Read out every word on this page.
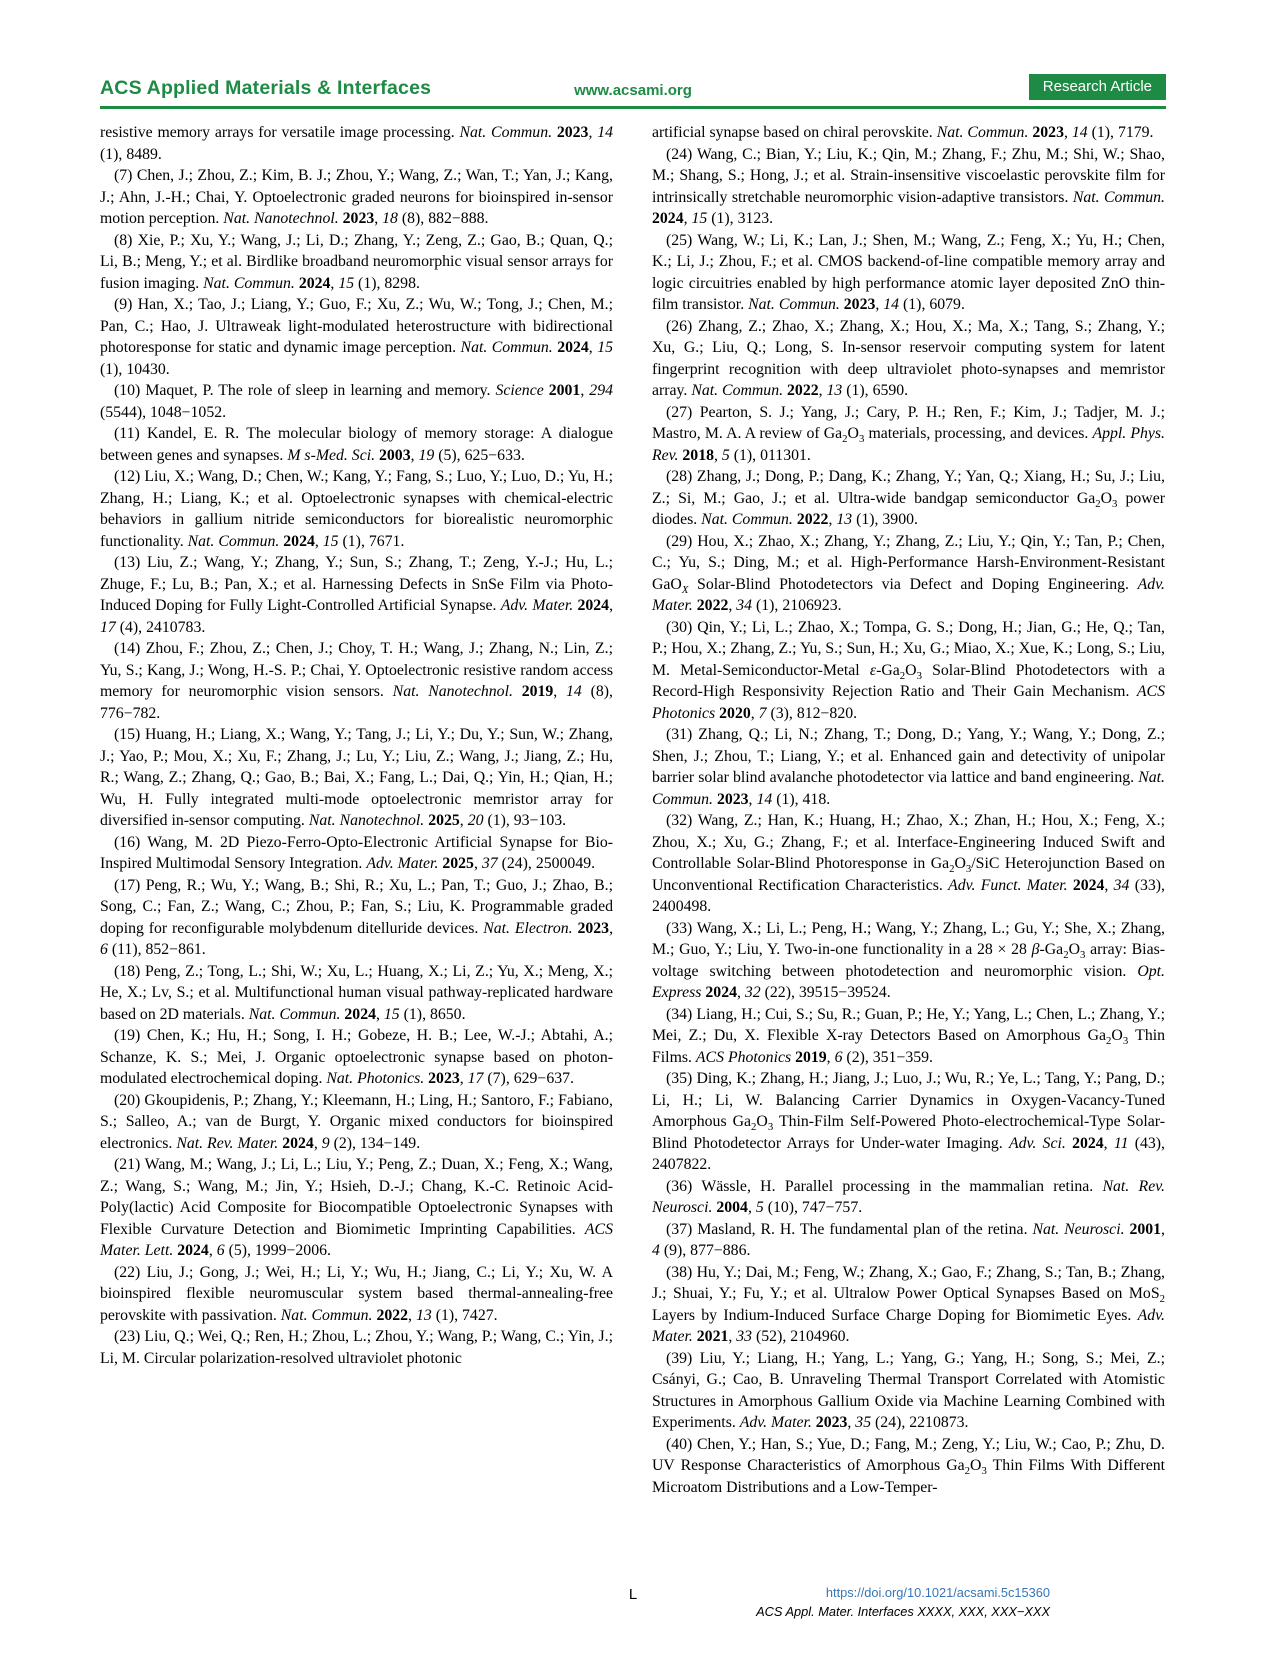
ACS Applied Materials & Interfaces	www.acsami.org	Research Article

resistive memory arrays for versatile image processing. Nat. Commun. 2023, 14 (1), 8489.

(7) Chen, J.; Zhou, Z.; Kim, B. J.; Zhou, Y.; Wang, Z.; Wan, T.; Yan, J.; Kang, J.; Ahn, J.-H.; Chai, Y. Optoelectronic graded neurons for bioinspired in-sensor motion perception. Nat. Nanotechnol. 2023, 18 (8), 882−888.

(8) Xie, P.; Xu, Y.; Wang, J.; Li, D.; Zhang, Y.; Zeng, Z.; Gao, B.; Quan, Q.; Li, B.; Meng, Y.; et al. Birdlike broadband neuromorphic visual sensor arrays for fusion imaging. Nat. Commun. 2024, 15 (1), 8298.

(9) Han, X.; Tao, J.; Liang, Y.; Guo, F.; Xu, Z.; Wu, W.; Tong, J.; Chen, M.; Pan, C.; Hao, J. Ultraweak light-modulated heterostructure with bidirectional photoresponse for static and dynamic image perception. Nat. Commun. 2024, 15 (1), 10430.

(10) Maquet, P. The role of sleep in learning and memory. Science 2001, 294 (5544), 1048−1052.

(11) Kandel, E. R. The molecular biology of memory storage: A dialogue between genes and synapses. M s-Med. Sci. 2003, 19 (5), 625−633.

(12) Liu, X.; Wang, D.; Chen, W.; Kang, Y.; Fang, S.; Luo, Y.; Luo, D.; Yu, H.; Zhang, H.; Liang, K.; et al. Optoelectronic synapses with chemical-electric behaviors in gallium nitride semiconductors for biorealistic neuromorphic functionality. Nat. Commun. 2024, 15 (1), 7671.

(13) Liu, Z.; Wang, Y.; Zhang, Y.; Sun, S.; Zhang, T.; Zeng, Y.-J.; Hu, L.; Zhuge, F.; Lu, B.; Pan, X.; et al. Harnessing Defects in SnSe Film via Photo-Induced Doping for Fully Light-Controlled Artificial Synapse. Adv. Mater. 2024, 17 (4), 2410783.

(14) Zhou, F.; Zhou, Z.; Chen, J.; Choy, T. H.; Wang, J.; Zhang, N.; Lin, Z.; Yu, S.; Kang, J.; Wong, H.-S. P.; Chai, Y. Optoelectronic resistive random access memory for neuromorphic vision sensors. Nat. Nanotechnol. 2019, 14 (8), 776−782.

(15) Huang, H.; Liang, X.; Wang, Y.; Tang, J.; Li, Y.; Du, Y.; Sun, W.; Zhang, J.; Yao, P.; Mou, X.; Xu, F.; Zhang, J.; Lu, Y.; Liu, Z.; Wang, J.; Jiang, Z.; Hu, R.; Wang, Z.; Zhang, Q.; Gao, B.; Bai, X.; Fang, L.; Dai, Q.; Yin, H.; Qian, H.; Wu, H. Fully integrated multi-mode optoelectronic memristor array for diversified in-sensor computing. Nat. Nanotechnol. 2025, 20 (1), 93−103.

(16) Wang, M. 2D Piezo-Ferro-Opto-Electronic Artificial Synapse for Bio-Inspired Multimodal Sensory Integration. Adv. Mater. 2025, 37 (24), 2500049.

(17) Peng, R.; Wu, Y.; Wang, B.; Shi, R.; Xu, L.; Pan, T.; Guo, J.; Zhao, B.; Song, C.; Fan, Z.; Wang, C.; Zhou, P.; Fan, S.; Liu, K. Programmable graded doping for reconfigurable molybdenum ditelluride devices. Nat. Electron. 2023, 6 (11), 852−861.

(18) Peng, Z.; Tong, L.; Shi, W.; Xu, L.; Huang, X.; Li, Z.; Yu, X.; Meng, X.; He, X.; Lv, S.; et al. Multifunctional human visual pathway-replicated hardware based on 2D materials. Nat. Commun. 2024, 15 (1), 8650.

(19) Chen, K.; Hu, H.; Song, I. H.; Gobeze, H. B.; Lee, W.-J.; Abtahi, A.; Schanze, K. S.; Mei, J. Organic optoelectronic synapse based on photon-modulated electrochemical doping. Nat. Photonics. 2023, 17 (7), 629−637.

(20) Gkoupidenis, P.; Zhang, Y.; Kleemann, H.; Ling, H.; Santoro, F.; Fabiano, S.; Salleo, A.; van de Burgt, Y. Organic mixed conductors for bioinspired electronics. Nat. Rev. Mater. 2024, 9 (2), 134−149.

(21) Wang, M.; Wang, J.; Li, L.; Liu, Y.; Peng, Z.; Duan, X.; Feng, X.; Wang, Z.; Wang, S.; Wang, M.; Jin, Y.; Hsieh, D.-J.; Chang, K.-C. Retinoic Acid-Poly(lactic) Acid Composite for Biocompatible Optoelectronic Synapses with Flexible Curvature Detection and Biomimetic Imprinting Capabilities. ACS Mater. Lett. 2024, 6 (5), 1999−2006.

(22) Liu, J.; Gong, J.; Wei, H.; Li, Y.; Wu, H.; Jiang, C.; Li, Y.; Xu, W. A bioinspired flexible neuromuscular system based thermal-annealing-free perovskite with passivation. Nat. Commun. 2022, 13 (1), 7427.

(23) Liu, Q.; Wei, Q.; Ren, H.; Zhou, L.; Zhou, Y.; Wang, P.; Wang, C.; Yin, J.; Li, M. Circular polarization-resolved ultraviolet photonic

artificial synapse based on chiral perovskite. Nat. Commun. 2023, 14 (1), 7179.

(24) Wang, C.; Bian, Y.; Liu, K.; Qin, M.; Zhang, F.; Zhu, M.; Shi, W.; Shao, M.; Shang, S.; Hong, J.; et al. Strain-insensitive viscoelastic perovskite film for intrinsically stretchable neuromorphic vision-adaptive transistors. Nat. Commun. 2024, 15 (1), 3123.

(25) Wang, W.; Li, K.; Lan, J.; Shen, M.; Wang, Z.; Feng, X.; Yu, H.; Chen, K.; Li, J.; Zhou, F.; et al. CMOS backend-of-line compatible memory array and logic circuitries enabled by high performance atomic layer deposited ZnO thin-film transistor. Nat. Commun. 2023, 14 (1), 6079.

(26) Zhang, Z.; Zhao, X.; Zhang, X.; Hou, X.; Ma, X.; Tang, S.; Zhang, Y.; Xu, G.; Liu, Q.; Long, S. In-sensor reservoir computing system for latent fingerprint recognition with deep ultraviolet photo-synapses and memristor array. Nat. Commun. 2022, 13 (1), 6590.

(27) Pearton, S. J.; Yang, J.; Cary, P. H.; Ren, F.; Kim, J.; Tadjer, M. J.; Mastro, M. A. A review of $Ga_2O_3$ materials, processing, and devices. Appl. Phys. Rev. 2018, 5 (1), 011301.

(28) Zhang, J.; Dong, P.; Dang, K.; Zhang, Y.; Yan, Q.; Xiang, H.; Su, J.; Liu, Z.; Si, M.; Gao, J.; et al. Ultra-wide bandgap semiconductor $Ga_2O_3$ power diodes. Nat. Commun. 2022, 13 (1), 3900.

(29) Hou, X.; Zhao, X.; Zhang, Y.; Zhang, Z.; Liu, Y.; Qin, Y.; Tan, P.; Chen, C.; Yu, S.; Ding, M.; et al. High-Performance Harsh-Environment-Resistant GaO$_X$ Solar-Blind Photodetectors via Defect and Doping Engineering. Adv. Mater. 2022, 34 (1), 2106923.

(30) Qin, Y.; Li, L.; Zhao, X.; Tompa, G. S.; Dong, H.; Jian, G.; He, Q.; Tan, P.; Hou, X.; Zhang, Z.; Yu, S.; Sun, H.; Xu, G.; Miao, X.; Xue, K.; Long, S.; Liu, M. Metal-Semiconductor-Metal $\varepsilon-Ga_2O_3$ Solar-Blind Photodetectors with a Record-High Responsivity Rejection Ratio and Their Gain Mechanism. ACS Photonics 2020, 7 (3), 812−820.

(31) Zhang, Q.; Li, N.; Zhang, T.; Dong, D.; Yang, Y.; Wang, Y.; Dong, Z.; Shen, J.; Zhou, T.; Liang, Y.; et al. Enhanced gain and detectivity of unipolar barrier solar blind avalanche photodetector via lattice and band engineering. Nat. Commun. 2023, 14 (1), 418.

(32) Wang, Z.; Han, K.; Huang, H.; Zhao, X.; Zhan, H.; Hou, X.; Feng, X.; Zhou, X.; Xu, G.; Zhang, F.; et al. Interface-Engineering Induced Swift and Controllable Solar-Blind Photoresponse in $Ga_2O_3$/SiC Heterojunction Based on Unconventional Rectification Characteristics. Adv. Funct. Mater. 2024, 34 (33), 2400498.

(33) Wang, X.; Li, L.; Peng, H.; Wang, Y.; Zhang, L.; Gu, Y.; She, X.; Zhang, M.; Guo, Y.; Liu, Y. Two-in-one functionality in a 28 × 28 $\beta-Ga_2O_3$ array: Bias-voltage switching between photodetection and neuromorphic vision. Opt. Express 2024, 32 (22), 39515−39524.

(34) Liang, H.; Cui, S.; Su, R.; Guan, P.; He, Y.; Yang, L.; Chen, L.; Zhang, Y.; Mei, Z.; Du, X. Flexible X-ray Detectors Based on Amorphous $Ga_2O_3$ Thin Films. ACS Photonics 2019, 6 (2), 351−359.

(35) Ding, K.; Zhang, H.; Jiang, J.; Luo, J.; Wu, R.; Ye, L.; Tang, Y.; Pang, D.; Li, H.; Li, W. Balancing Carrier Dynamics in Oxygen-Vacancy-Tuned Amorphous $Ga_2O_3$ Thin-Film Self-Powered Photo-electrochemical-Type Solar-Blind Photodetector Arrays for Under-water Imaging. Adv. Sci. 2024, 11 (43), 2407822.

(36) Wässle, H. Parallel processing in the mammalian retina. Nat. Rev. Neurosci. 2004, 5 (10), 747−757.

(37) Masland, R. H. The fundamental plan of the retina. Nat. Neurosci. 2001, 4 (9), 877−886.

(38) Hu, Y.; Dai, M.; Feng, W.; Zhang, X.; Gao, F.; Zhang, S.; Tan, B.; Zhang, J.; Shuai, Y.; Fu, Y.; et al. Ultralow Power Optical Synapses Based on MoS$_2$ Layers by Indium-Induced Surface Charge Doping for Biomimetic Eyes. Adv. Mater. 2021, 33 (52), 2104960.

(39) Liu, Y.; Liang, H.; Yang, L.; Yang, G.; Yang, H.; Song, S.; Mei, Z.; Csányi, G.; Cao, B. Unraveling Thermal Transport Correlated with Atomistic Structures in Amorphous Gallium Oxide via Machine Learning Combined with Experiments. Adv. Mater. 2023, 35 (24), 2210873.

(40) Chen, Y.; Han, S.; Yue, D.; Fang, M.; Zeng, Y.; Liu, W.; Cao, P.; Zhu, D. UV Response Characteristics of Amorphous $Ga_2O_3$ Thin Films With Different Microatom Distributions and a Low-Temper-

L	https://doi.org/10.1021/acsami.5c15360
ACS Appl. Mater. Interfaces XXXX, XXX, XXX−XXX
